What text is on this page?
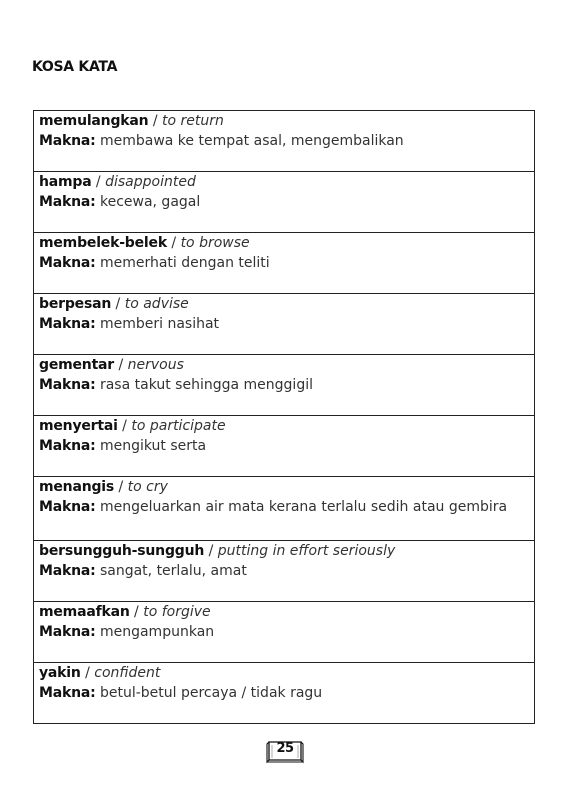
KOSA KATA
memulangkan / to return
Makna: membawa ke tempat asal, mengembalikan
hampa / disappointed
Makna: kecewa, gagal
membelek-belek / to browse
Makna: memerhati dengan teliti
berpesan / to advise
Makna: memberi nasihat
gementar / nervous
Makna: rasa takut sehingga menggigil
menyertai / to participate
Makna: mengikut serta
menangis / to cry
Makna: mengeluarkan air mata kerana terlalu sedih atau gembira
bersungguh-sungguh / putting in effort seriously
Makna: sangat, terlalu, amat
memaafkan / to forgive
Makna: mengampunkan
yakin / confident
Makna: betul-betul percaya / tidak ragu
25
